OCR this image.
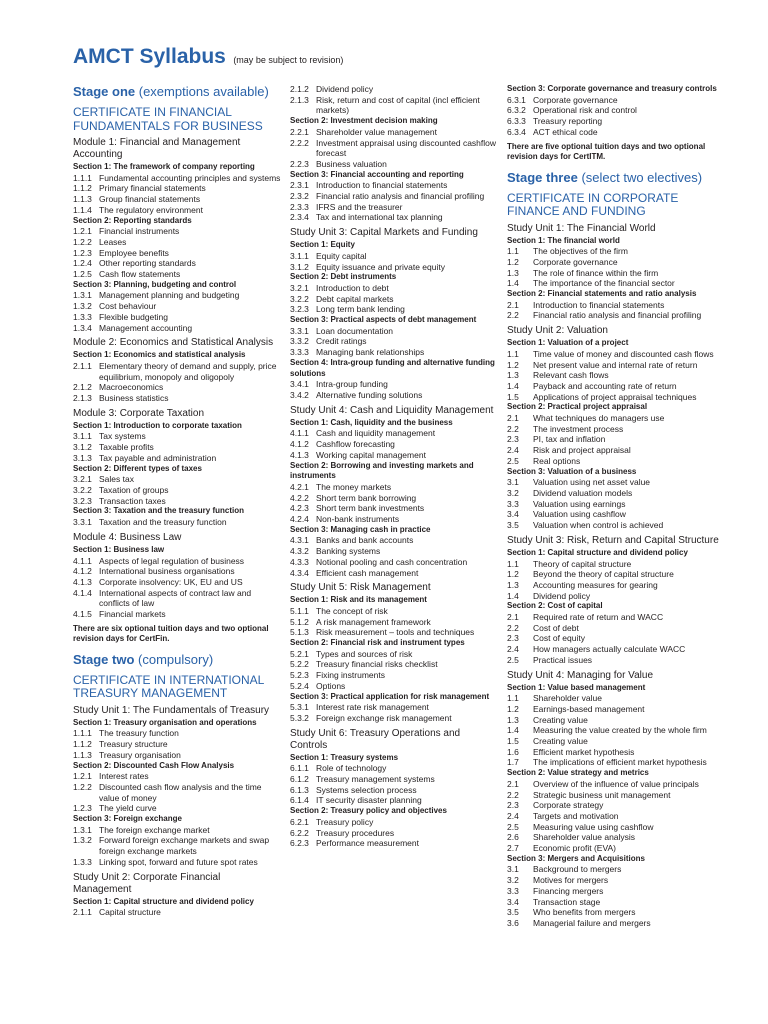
AMCT Syllabus (may be subject to revision)
Stage one (exemptions available)
CERTIFICATE IN FINANCIAL FUNDAMENTALS FOR BUSINESS
Module 1: Financial and Management Accounting
Section 1: The framework of company reporting
1.1.1 Fundamental accounting principles and systems
1.1.2 Primary financial statements
1.1.3 Group financial statements
1.1.4 The regulatory environment
Section 2: Reporting standards
1.2.1 Financial instruments
1.2.2 Leases
1.2.3 Employee benefits
1.2.4 Other reporting standards
1.2.5 Cash flow statements
Section 3: Planning, budgeting and control
1.3.1 Management planning and budgeting
1.3.2 Cost behaviour
1.3.3 Flexible budgeting
1.3.4 Management accounting
Module 2: Economics and Statistical Analysis
Section 1: Economics and statistical analysis
2.1.1 Elementary theory of demand and supply, price equilibrium, monopoly and oligopoly
2.1.2 Macroeconomics
2.1.3 Business statistics
Module 3: Corporate Taxation
Section 1: Introduction to corporate taxation
3.1.1 Tax systems
3.1.2 Taxable profits
3.1.3 Tax payable and administration
Section 2: Different types of taxes
3.2.1 Sales tax
3.2.2 Taxation of groups
3.2.3 Transaction taxes
Section 3: Taxation and the treasury function
3.3.1 Taxation and the treasury function
Module 4: Business Law
Section 1: Business law
4.1.1 Aspects of legal regulation of business
4.1.2 International business organisations
4.1.3 Corporate insolvency: UK, EU and US
4.1.4 International aspects of contract law and conflicts of law
4.1.5 Financial markets
There are six optional tuition days and two optional revision days for CertFin.
Stage two (compulsory)
CERTIFICATE IN INTERNATIONAL TREASURY MANAGEMENT
Study Unit 1: The Fundamentals of Treasury
Section 1: Treasury organisation and operations
1.1.1 The treasury function
1.1.2 Treasury structure
1.1.3 Treasury organisation
Section 2: Discounted Cash Flow Analysis
1.2.1 Interest rates
1.2.2 Discounted cash flow analysis and the time value of money
1.2.3 The yield curve
Section 3: Foreign exchange
1.3.1 The foreign exchange market
1.3.2 Forward foreign exchange markets and swap foreign exchange markets
1.3.3 Linking spot, forward and future spot rates
Study Unit 2: Corporate Financial Management
Section 1: Capital structure and dividend policy
2.1.1 Capital structure
2.1.2 Dividend policy
2.1.3 Risk, return and cost of capital (incl efficient markets)
Section 2: Investment decision making
2.2.1 Shareholder value management
2.2.2 Investment appraisal using discounted cashflow forecast
2.2.3 Business valuation
Section 3: Financial accounting and reporting
2.3.1 Introduction to financial statements
2.3.2 Financial ratio analysis and financial profiling
2.3.3 IFRS and the treasurer
2.3.4 Tax and international tax planning
Study Unit 3: Capital Markets and Funding
Section 1: Equity
3.1.1 Equity capital
3.1.2 Equity issuance and private equity
Section 2: Debt instruments
3.2.1 Introduction to debt
3.2.2 Debt capital markets
3.2.3 Long term bank lending
Section 3: Practical aspects of debt management
3.3.1 Loan documentation
3.3.2 Credit ratings
3.3.3 Managing bank relationships
Section 4: Intra-group funding and alternative funding solutions
3.4.1 Intra-group funding
3.4.2 Alternative funding solutions
Study Unit 4: Cash and Liquidity Management
Section 1: Cash, liquidity and the business
4.1.1 Cash and liquidity management
4.1.2 Cashflow forecasting
4.1.3 Working capital management
Section 2: Borrowing and investing markets and instruments
4.2.1 The money markets
4.2.2 Short term bank borrowing
4.2.3 Short term bank investments
4.2.4 Non-bank instruments
Section 3: Managing cash in practice
4.3.1 Banks and bank accounts
4.3.2 Banking systems
4.3.3 Notional pooling and cash concentration
4.3.4 Efficient cash management
Study Unit 5: Risk Management
Section 1: Risk and its management
5.1.1 The concept of risk
5.1.2 A risk management framework
5.1.3 Risk measurement – tools and techniques
Section 2: Financial risk and instrument types
5.2.1 Types and sources of risk
5.2.2 Treasury financial risks checklist
5.2.3 Fixing instruments
5.2.4 Options
Section 3: Practical application for risk management
5.3.1 Interest rate risk management
5.3.2 Foreign exchange risk management
Study Unit 6: Treasury Operations and Controls
Section 1: Treasury systems
6.1.1 Role of technology
6.1.2 Treasury management systems
6.1.3 Systems selection process
6.1.4 IT security disaster planning
Section 2: Treasury policy and objectives
6.2.1 Treasury policy
6.2.2 Treasury procedures
6.2.3 Performance measurement
Section 3: Corporate governance and treasury controls
6.3.1 Corporate governance
6.3.2 Operational risk and control
6.3.3 Treasury reporting
6.3.4 ACT ethical code
There are five optional tuition days and two optional revision days for CertITM.
Stage three (select two electives)
CERTIFICATE IN CORPORATE FINANCE AND FUNDING
Study Unit 1: The Financial World
Section 1: The financial world
1.1	The objectives of the firm
1.2	Corporate governance
1.3	The role of finance within the firm
1.4	The importance of the financial sector
Section 2: Financial statements and ratio analysis
2.1	Introduction to financial statements
2.2	Financial ratio analysis and financial profiling
Study Unit 2: Valuation
Section 1: Valuation of a project
1.1	Time value of money and discounted cash flows
1.2	Net present value and internal rate of return
1.3	Relevant cash flows
1.4	Payback and accounting rate of return
1.5	Applications of project appraisal techniques
Section 2: Practical project appraisal
2.1	What techniques do managers use
2.2	The investment process
2.3	PI, tax and inflation
2.4	Risk and project appraisal
2.5	Real options
Section 3: Valuation of a business
3.1	Valuation using net asset value
3.2	Dividend valuation models
3.3	Valuation using earnings
3.4	Valuation using cashflow
3.5	Valuation when control is achieved
Study Unit 3: Risk, Return and Capital Structure
Section 1: Capital structure and dividend policy
1.1	Theory of capital structure
1.2	Beyond the theory of capital structure
1.3	Accounting measures for gearing
1.4	Dividend policy
Section 2: Cost of capital
2.1	Required rate of return and WACC
2.2	Cost of debt
2.3	Cost of equity
2.4	How managers actually calculate WACC
2.5	Practical issues
Study Unit 4: Managing for Value
Section 1: Value based management
1.1	Shareholder value
1.2	Earnings-based management
1.3	Creating value
1.4	Measuring the value created by the whole firm
1.5	Creating value
1.6	Efficient market hypothesis
1.7	The implications of efficient market hypothesis
Section 2: Value strategy and metrics
2.1	Overview of the influence of value principals
2.2	Strategic business unit management
2.3	Corporate strategy
2.4	Targets and motivation
2.5	Measuring value using cashflow
2.6	Shareholder value analysis
2.7	Economic profit (EVA)
Section 3: Mergers and Acquisitions
3.1	Background to mergers
3.2	Motives for mergers
3.3	Financing mergers
3.4	Transaction stage
3.5	Who benefits from mergers
3.6	Managerial failure and mergers
